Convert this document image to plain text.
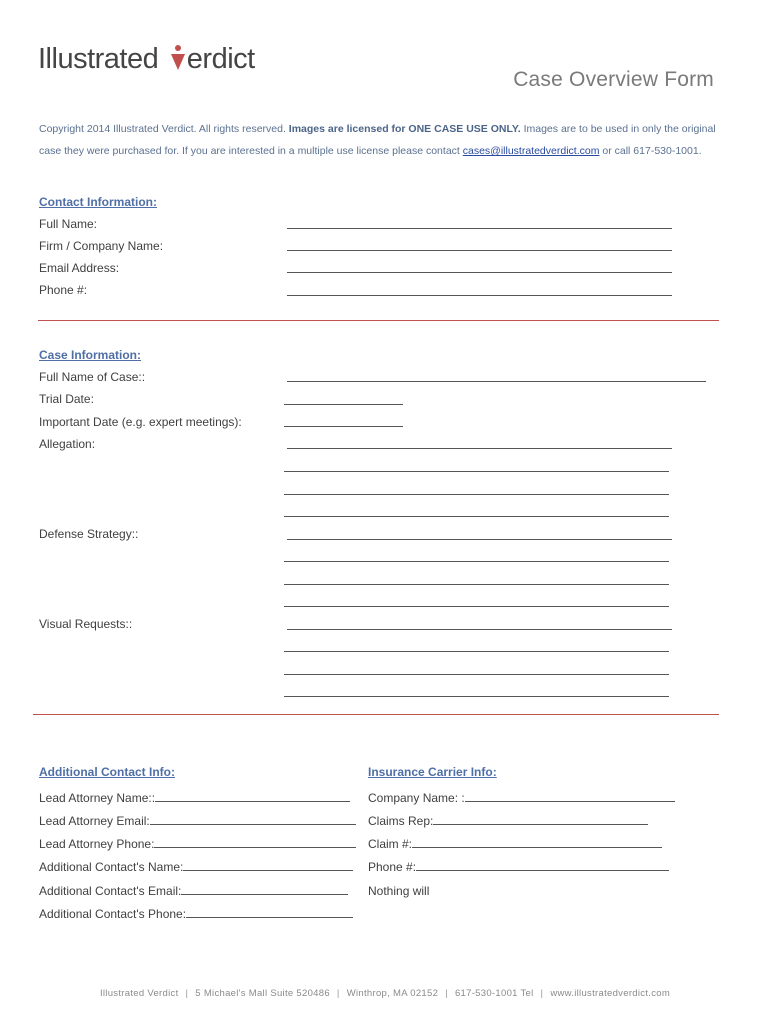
Illustrated
erdict
Case Overview Form
Copyright 2014 Illustrated Verdict. All rights reserved. Images are licensed for ONE CASE USE ONLY. Images are to be used in only the original case they were purchased for. If you are interested in a multiple use license please contact cases@illustratedverdict.com or call 617-530-1001.
Contact Information:
Full Name:
Firm / Company Name:
Email Address:
Phone #:
Case Information:
Full Name of Case::
Trial Date:
Important Date (e.g. expert meetings):
Allegation:
Defense Strategy::
Visual Requests::
Additional Contact Info:
Lead Attorney Name::
Lead Attorney Email:
Lead Attorney Phone:
Additional Contact's Name:
Additional Contact's Email:
Additional Contact's Phone:
Insurance Carrier Info:
Company Name: :
Claims Rep:
Claim #:
Phone #:
Nothing will
Illustrated Verdict | 5 Michael's Mall Suite 520486 | Winthrop, MA 02152 | 617-530-1001 Tel | www.illustratedverdict.com
